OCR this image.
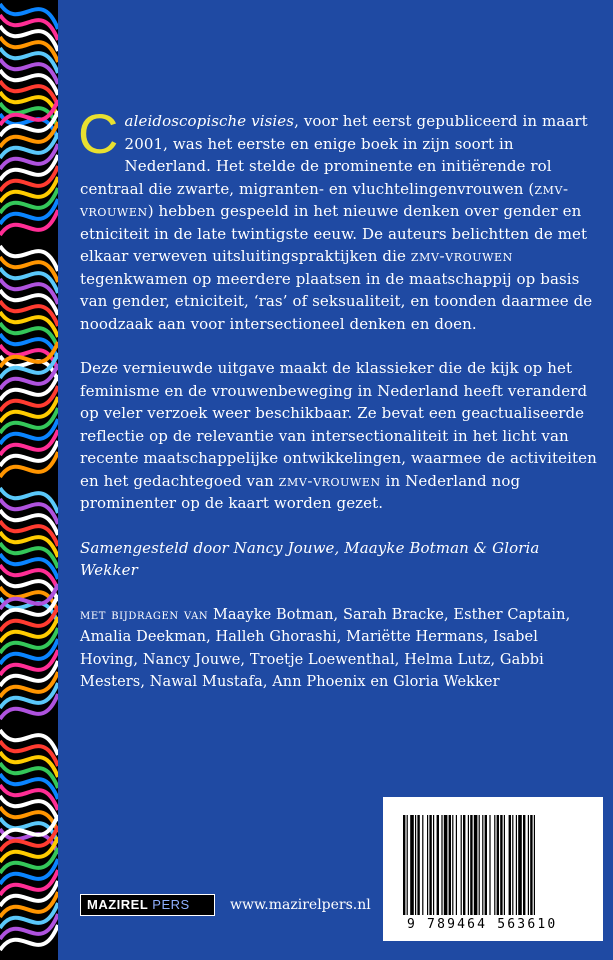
Caleidoscopische visies, voor het eerst gepubliceerd in maart 2001, was het eerste en enige boek in zijn soort in Nederland. Het stelde de prominente en initiërende rol centraal die zwarte, migranten- en vluchtelingenvrouwen (zmv-vrouwen) hebben gespeeld in het nieuwe denken over gender en etniciteit in de late twintigste eeuw. De auteurs belichtten de met elkaar verweven uitsluitingspraktijken die zmv-vrouwen tegenkwamen op meerdere plaatsen in de maatschappij op basis van gender, etniciteit, ‘ras’ of seksualiteit, en toonden daarmee de noodzaak aan voor intersectioneel denken en doen.

Deze vernieuwde uitgave maakt de klassieker die de kijk op het feminisme en de vrouwenbeweging in Nederland heeft veranderd op veler verzoek weer beschikbaar. Ze bevat een geactualiseerde reflectie op de relevantie van intersectionaliteit in het licht van recente maatschappelijke ontwikkelingen, waarmee de activiteiten en het gedachtegoed van zmv-vrouwen in Nederland nog prominenter op de kaart worden gezet.

Samengesteld door Nancy Jouwe, Maayke Botman & Gloria Wekker

met bijdragen van Maayke Botman, Sarah Bracke, Esther Captain, Amalia Deekman, Halleh Ghorashi, Mariëtte Hermans, Isabel Hoving, Nancy Jouwe, Troetje Loewenthal, Helma Lutz, Gabbi Mesters, Nawal Mustafa, Ann Phoenix en Gloria Wekker

9 789464 563610
MAZIREL PERS	www.mazirelpers.nl
